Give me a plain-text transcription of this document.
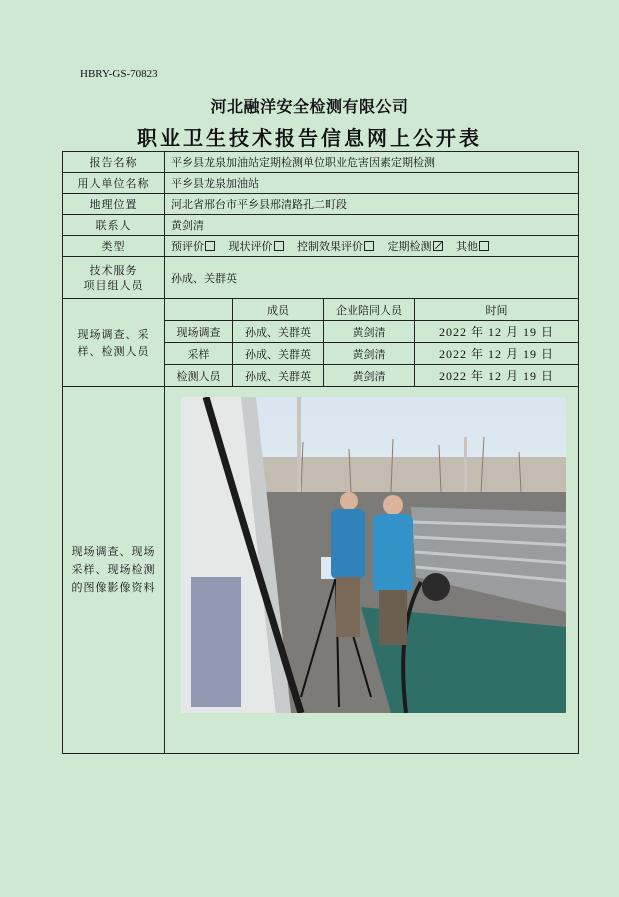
HBRY-GS-70823
河北融洋安全检测有限公司
职业卫生技术报告信息网上公开表
报告名称	平乡县龙泉加油站定期检测单位职业危害因素定期检测			
用人单位名称	平乡县龙泉加油站			
地理位置	河北省邢台市平乡县邢清路孔二町段			
联系人	黄剑清			
类型	预评价 现状评价 控制效果评价 定期检测 其他			
技术服务
项目组人员	孙成、关群英			
现场调查、采样、检测人员		成员	企业陪同人员	时间
	现场调查	孙成、关群英	黄剑清	2022 年 12 月 19 日
	采样	孙成、关群英	黄剑清	2022 年 12 月 19 日
	检测人员	孙成、关群英	黄剑清	2022 年 12 月 19 日
现场调查、现场采样、现场检测的图像影像资料	
